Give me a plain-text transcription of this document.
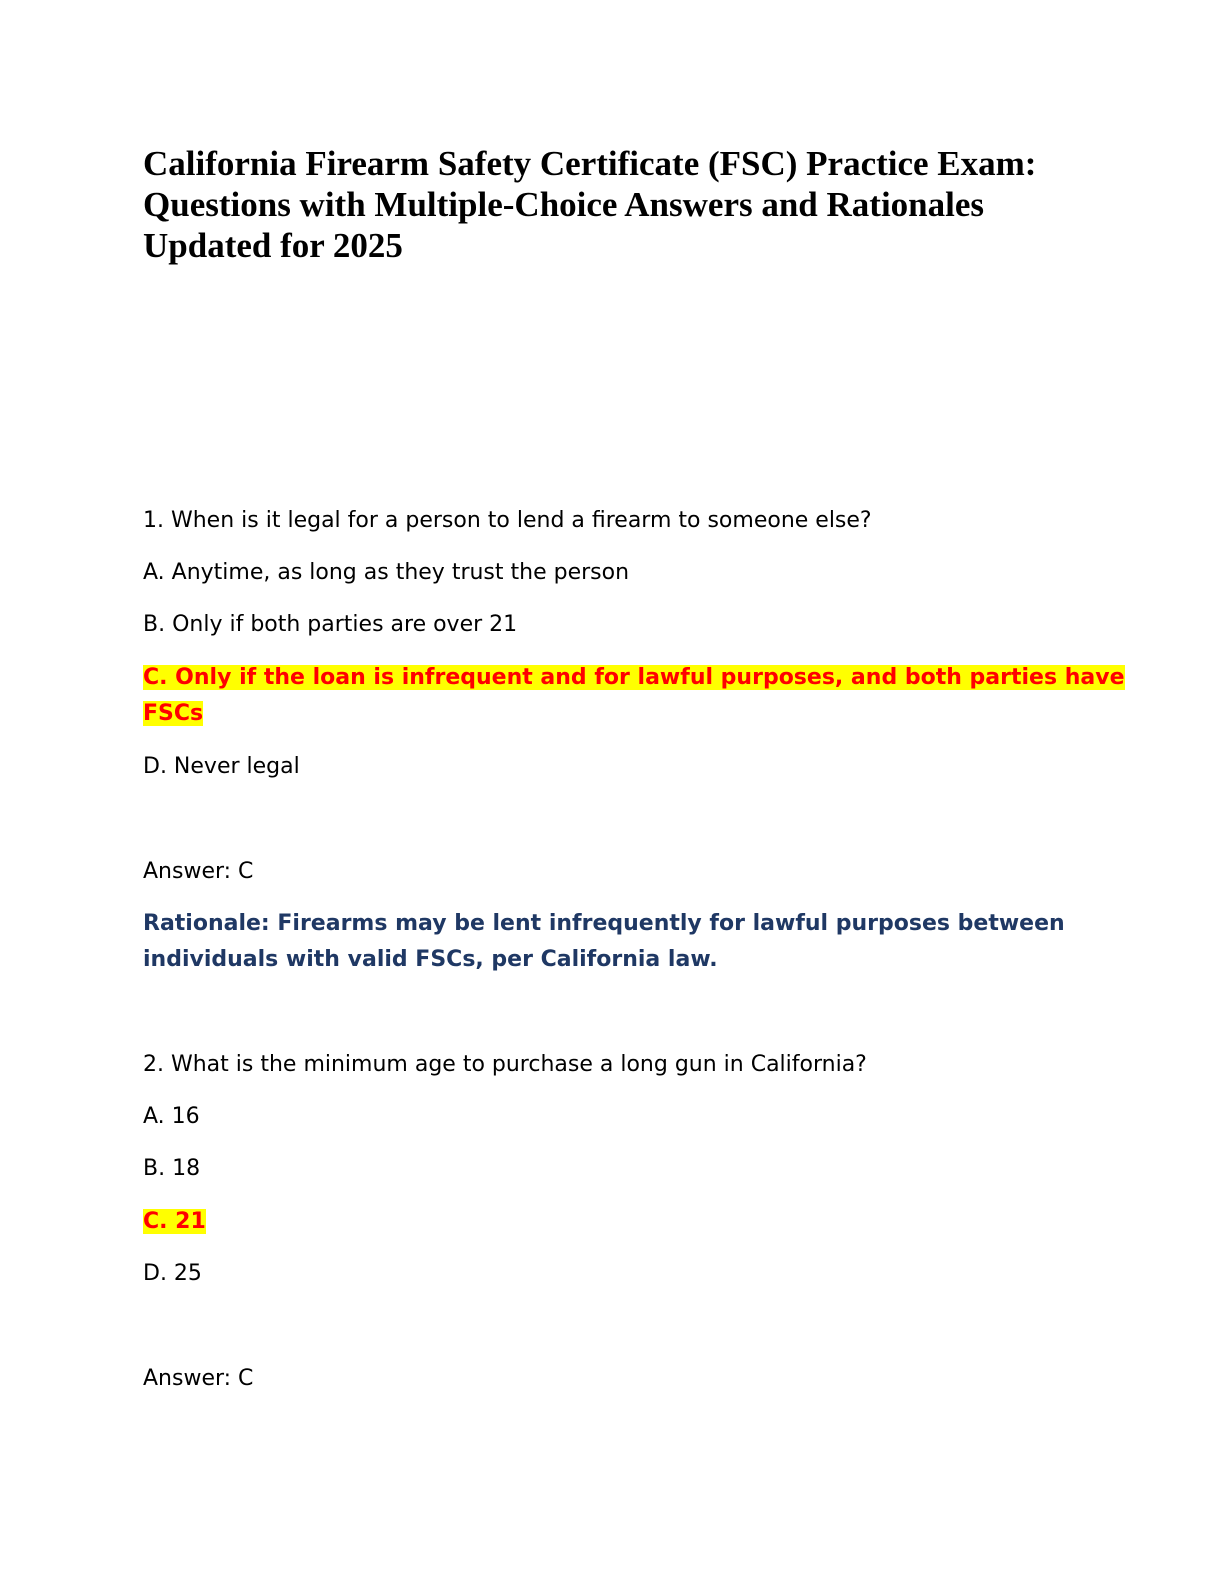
California Firearm Safety Certificate (FSC) Practice Exam:
Questions with Multiple-Choice Answers and Rationales
Updated for 2025

1. When is it legal for a person to lend a firearm to someone else?

A. Anytime, as long as they trust the person

B. Only if both parties are over 21

C. Only if the loan is infrequent and for lawful purposes, and both parties have

FSCs

D. Never legal

Answer: C

Rationale: Firearms may be lent infrequently for lawful purposes between

individuals with valid FSCs, per California law.

2. What is the minimum age to purchase a long gun in California?

A. 16

B. 18

C. 21

D. 25

Answer: C
